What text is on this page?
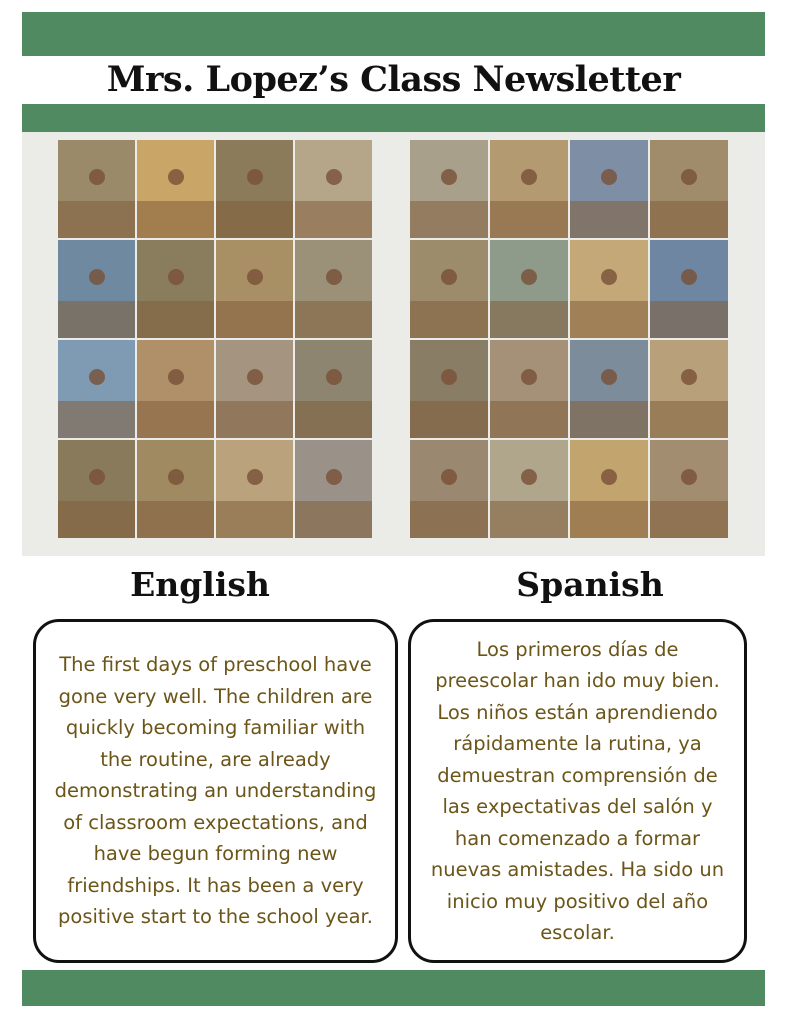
Mrs. Lopez’s Class Newsletter
English	Spanish
The first days of preschool have gone very well. The children are quickly becoming familiar with the routine, are already demonstrating an understanding of classroom expectations, and have begun forming new friendships. It has been a very positive start to the school year.
Los primeros días de preescolar han ido muy bien. Los niños están aprendiendo rápidamente la rutina, ya demuestran comprensión de las expectativas del salón y han comenzado a formar nuevas amistades. Ha sido un inicio muy positivo del año escolar.
